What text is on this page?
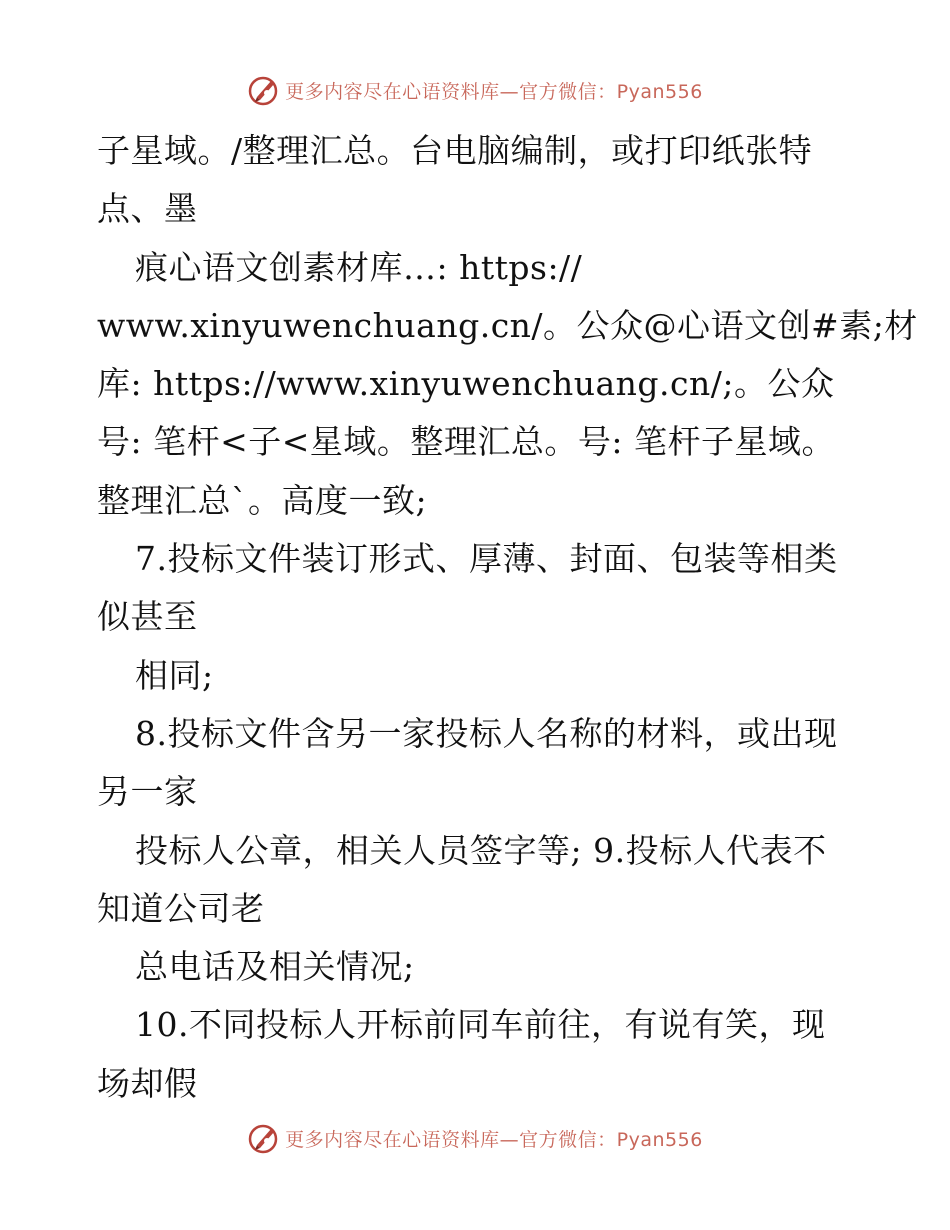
更多内容尽在心语资料库—官方微信：Pyan556
子星域。/整理汇总。台电脑编制，或打印纸张特
点、墨
痕心语文创素材库…: https://
www.xinyuwenchuang.cn/。公众@心语文创#素;材
库: https://www.xinyuwenchuang.cn/;。公众
号: 笔杆<子<星域。整理汇总。号: 笔杆子星域。
整理汇总`。高度一致;
7.投标文件装订形式、厚薄、封面、包装等相类
似甚至
相同;
8.投标文件含另一家投标人名称的材料，或出现
另一家
投标人公章，相关人员签字等; 9.投标人代表不
知道公司老
总电话及相关情况;
10.不同投标人开标前同车前往，有说有笑，现
场却假
更多内容尽在心语资料库—官方微信：Pyan556
